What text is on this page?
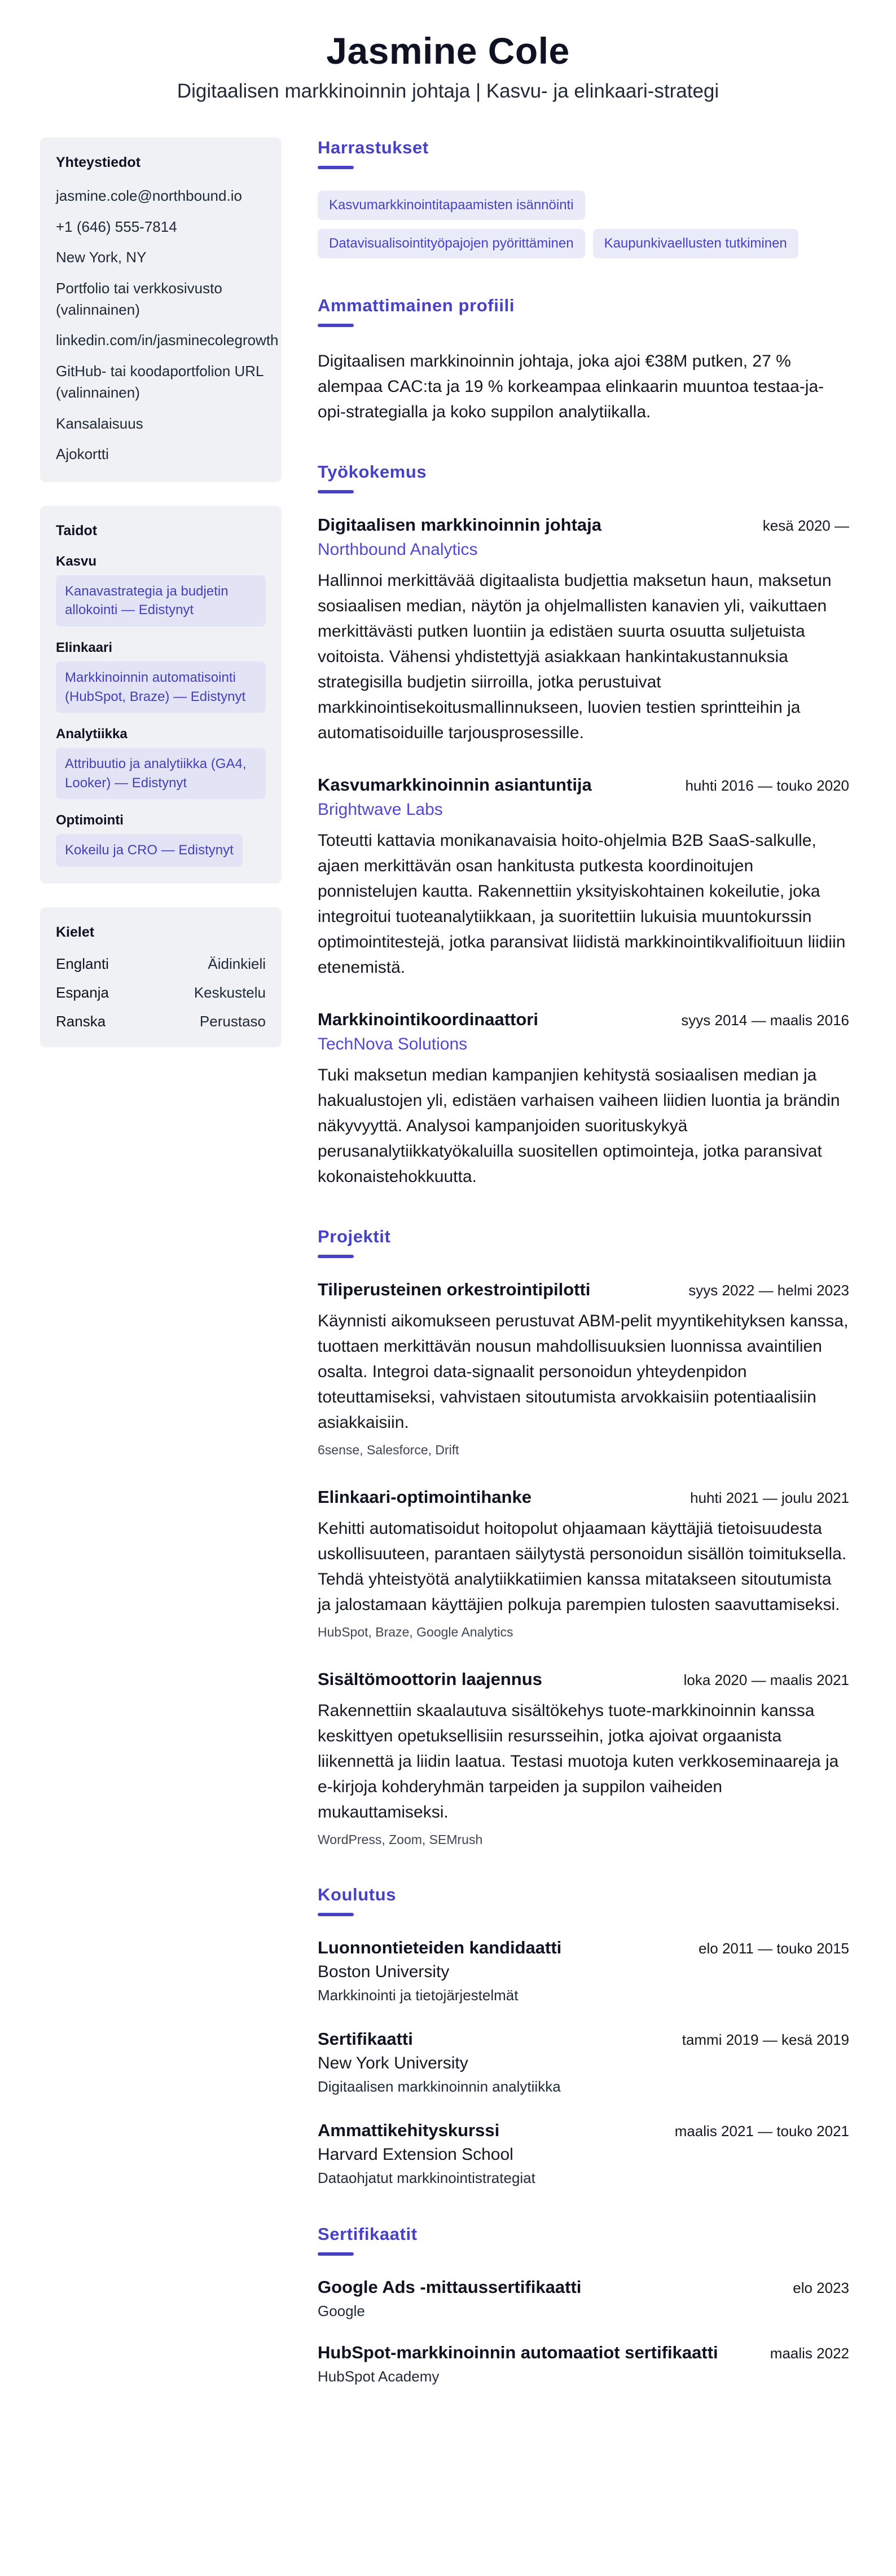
Jasmine Cole

Digitaalisen markkinoinnin johtaja | Kasvu- ja elinkaari-strategi

Yhteystiedot

jasmine.cole@northbound.io

+1 (646) 555-7814

New York, NY

Portfolio tai verkkosivusto (valinnainen)

linkedin.com/in/jasminecolegrowth

GitHub- tai koodaportfolion URL (valinnainen)

Kansalaisuus

Ajokortti

Taidot
Kasvu
Kanavastrategia ja budjetin allokointi — Edistynyt
Elinkaari
Markkinoinnin automatisointi (HubSpot, Braze) — Edistynyt
Analytiikka
Attribuutio ja analytiikka (GA4, Looker) — Edistynyt
Optimointi
Kokeilu ja CRO — Edistynyt
Kielet
Englanti	Äidinkieli
Espanja	Keskustelu
Ranska	Perustaso
Harrastukset
Kasvumarkkinointitapaamisten isännöinti
Datavisualisointityöpajojen pyörittäminen	Kaupunkivaellusten tutkiminen
Ammattimainen profiili

Digitaalisen markkinoinnin johtaja, joka ajoi €38M putken, 27 % alempaa CAC:ta ja 19 % korkeampaa elinkaarin muuntoa testaa-ja-opi-strategialla ja koko suppilon analytiikalla.

Työkokemus
Digitaalisen markkinoinnin johtaja	kesä 2020 —
Northbound Analytics

Hallinnoi merkittävää digitaalista budjettia maksetun haun, maksetun sosiaalisen median, näytön ja ohjelmallisten kanavien yli, vaikuttaen merkittävästi putken luontiin ja edistäen suurta osuutta suljetuista voitoista. Vähensi yhdistettyjä asiakkaan hankintakustannuksia strategisilla budjetin siirroilla, jotka perustuivat markkinointisekoitusmallinnukseen, luovien testien sprintteihin ja automatisoiduille tarjousprosessille.

Kasvumarkkinoinnin asiantuntija	huhti 2016 — touko 2020
Brightwave Labs

Toteutti kattavia monikanavaisia hoito-ohjelmia B2B SaaS-salkulle, ajaen merkittävän osan hankitusta putkesta koordinoitujen ponnistelujen kautta. Rakennettiin yksityiskohtainen kokeilutie, joka integroitui tuoteanalytiikkaan, ja suoritettiin lukuisia muuntokurssin optimointitestejä, jotka paransivat liidistä markkinointikvalifioituun liidiin etenemistä.

Markkinointikoordinaattori	syys 2014 — maalis 2016
TechNova Solutions

Tuki maksetun median kampanjien kehitystä sosiaalisen median ja hakualustojen yli, edistäen varhaisen vaiheen liidien luontia ja brändin näkyvyyttä. Analysoi kampanjoiden suorituskykyä perusanalytiikkatyökaluilla suositellen optimointeja, jotka paransivat kokonaistehokkuutta.

Projektit
Tiliperusteinen orkestrointipilotti	syys 2022 — helmi 2023

Käynnisti aikomukseen perustuvat ABM-pelit myyntikehityksen kanssa, tuottaen merkittävän nousun mahdollisuuksien luonnissa avaintilien osalta. Integroi data-signaalit personoidun yhteydenpidon toteuttamiseksi, vahvistaen sitoutumista arvokkaisiin potentiaalisiin asiakkaisiin.

6sense, Salesforce, Drift
Elinkaari-optimointihanke	huhti 2021 — joulu 2021

Kehitti automatisoidut hoitopolut ohjaamaan käyttäjiä tietoisuudesta uskollisuuteen, parantaen säilytystä personoidun sisällön toimituksella. Tehdä yhteistyötä analytiikkatiimien kanssa mitatakseen sitoutumista ja jalostamaan käyttäjien polkuja parempien tulosten saavuttamiseksi.

HubSpot, Braze, Google Analytics
Sisältömoottorin laajennus	loka 2020 — maalis 2021

Rakennettiin skaalautuva sisältökehys tuote-markkinoinnin kanssa keskittyen opetuksellisiin resursseihin, jotka ajoivat orgaanista liikennettä ja liidin laatua. Testasi muotoja kuten verkkoseminaareja ja e-kirjoja kohderyhmän tarpeiden ja suppilon vaiheiden mukauttamiseksi.

WordPress, Zoom, SEMrush
Koulutus
Luonnontieteiden kandidaatti	elo 2011 — touko 2015
Boston University
Markkinointi ja tietojärjestelmät
Sertifikaatti	tammi 2019 — kesä 2019
New York University
Digitaalisen markkinoinnin analytiikka
Ammattikehityskurssi	maalis 2021 — touko 2021
Harvard Extension School
Dataohjatut markkinointistrategiat
Sertifikaatit
Google Ads -mittaussertifikaatti	elo 2023
Google
HubSpot-markkinoinnin automaatiot sertifikaatti	maalis 2022
HubSpot Academy
